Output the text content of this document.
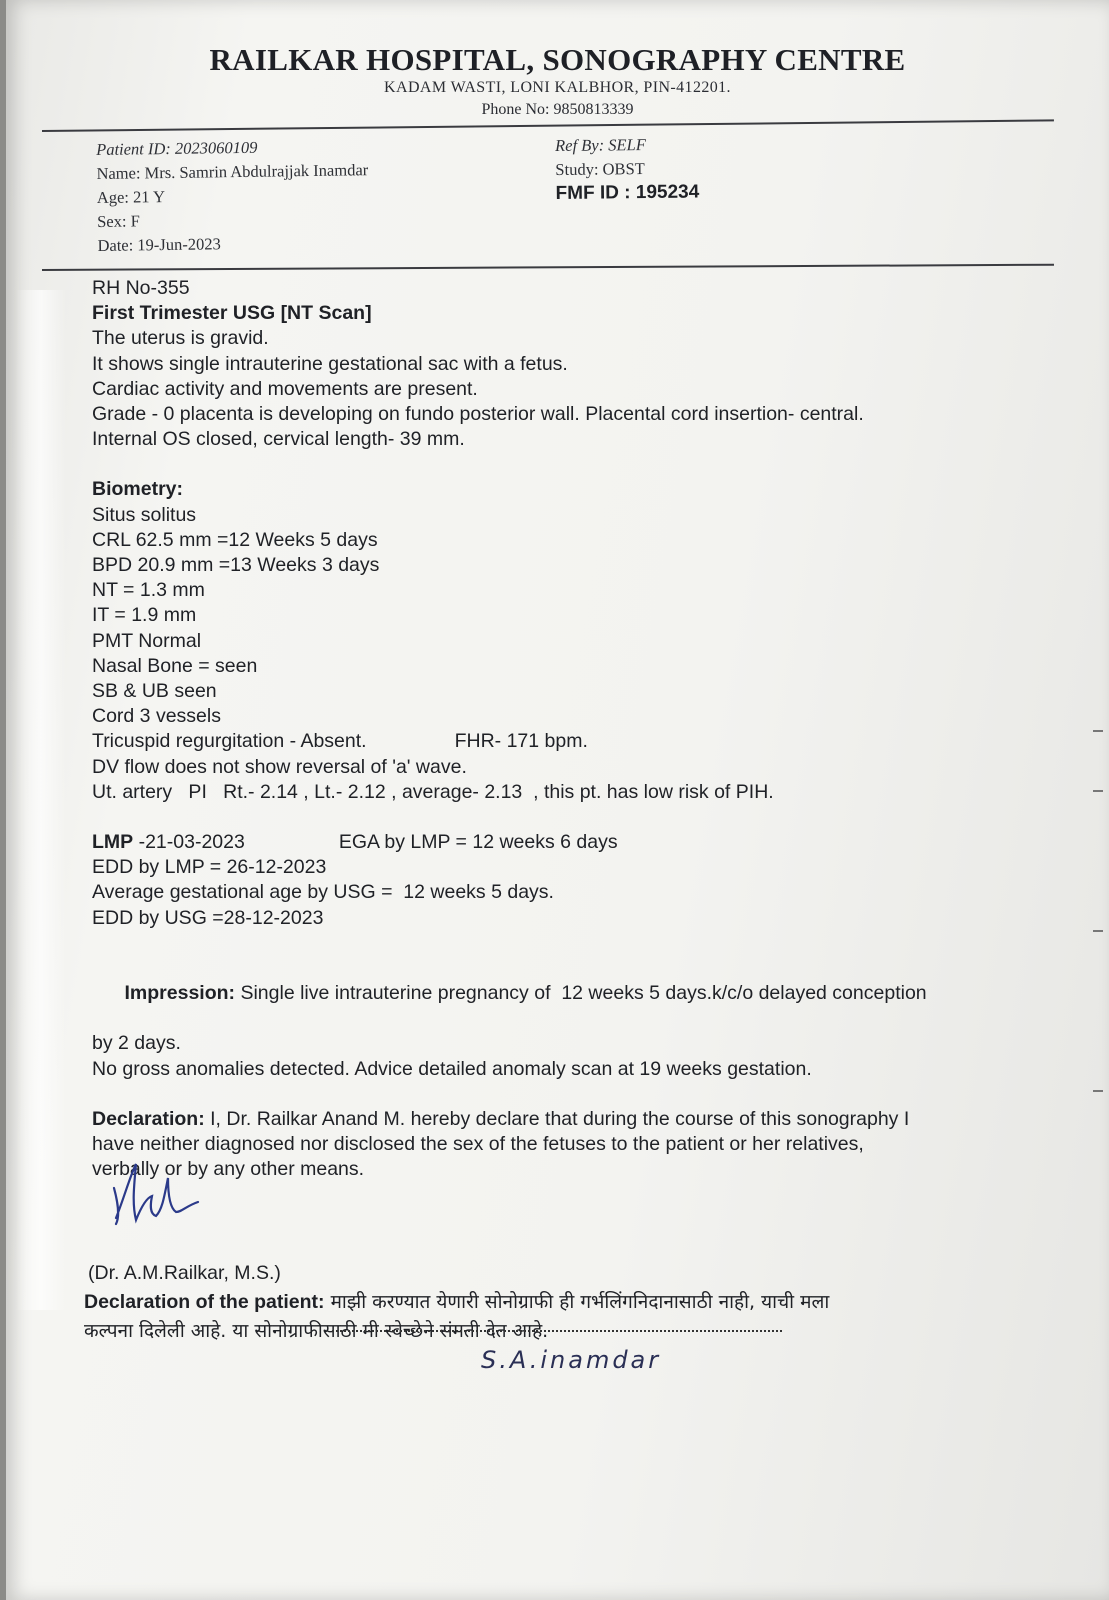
RAILKAR HOSPITAL, SONOGRAPHY CENTRE
KADAM WASTI, LONI KALBHOR, PIN-412201.
Phone No: 9850813339
Patient ID: 2023060109
Name: Mrs. Samrin Abdulrajjak Inamdar
Age: 21 Y
Sex: F
Date: 19-Jun-2023
Ref By: SELF
Study: OBST
FMF ID : 195234
RH No-355
First Trimester USG [NT Scan]
The uterus is gravid.
It shows single intrauterine gestational sac with a fetus.
Cardiac activity and movements are present.
Grade - 0 placenta is developing on fundo posterior wall. Placental cord insertion- central.
Internal OS closed, cervical length- 39 mm.
Biometry:
Situs solitus
CRL 62.5 mm =12 Weeks 5 days
BPD 20.9 mm =13 Weeks 3 days
NT = 1.3 mm
IT = 1.9 mm
PMT Normal
Nasal Bone = seen
SB & UB seen
Cord 3 vessels
Tricuspid regurgitation - Absent.	FHR- 171 bpm.
DV flow does not show reversal of 'a' wave.
Ut. artery   PI   Rt.- 2.14 , Lt.- 2.12 , average- 2.13  , this pt. has low risk of PIH.
LMP -21-03-2023	EGA by LMP = 12 weeks 6 days
EDD by LMP = 26-12-2023
Average gestational age by USG =  12 weeks 5 days.
EDD by USG =28-12-2023

Impression: Single live intrauterine pregnancy of  12 weeks 5 days.k/c/o delayed conception

by 2 days.
No gross anomalies detected. Advice detailed anomaly scan at 19 weeks gestation.
Declaration: I, Dr. Railkar Anand M. hereby declare that during the course of this sonography I
have neither diagnosed nor disclosed the sex of the fetuses to the patient or her relatives,
verbally or by any other means.
(Dr. A.M.Railkar, M.S.)
Declaration of the patient: माझी करण्यात येणारी सोनोग्राफी ही गर्भलिंगनिदानासाठी नाही, याची मला
कल्पना दिलेली आहे. या सोनोग्राफीसाठी मी स्वेच्छेने संमती देत आहे.
S.A.inamdar
